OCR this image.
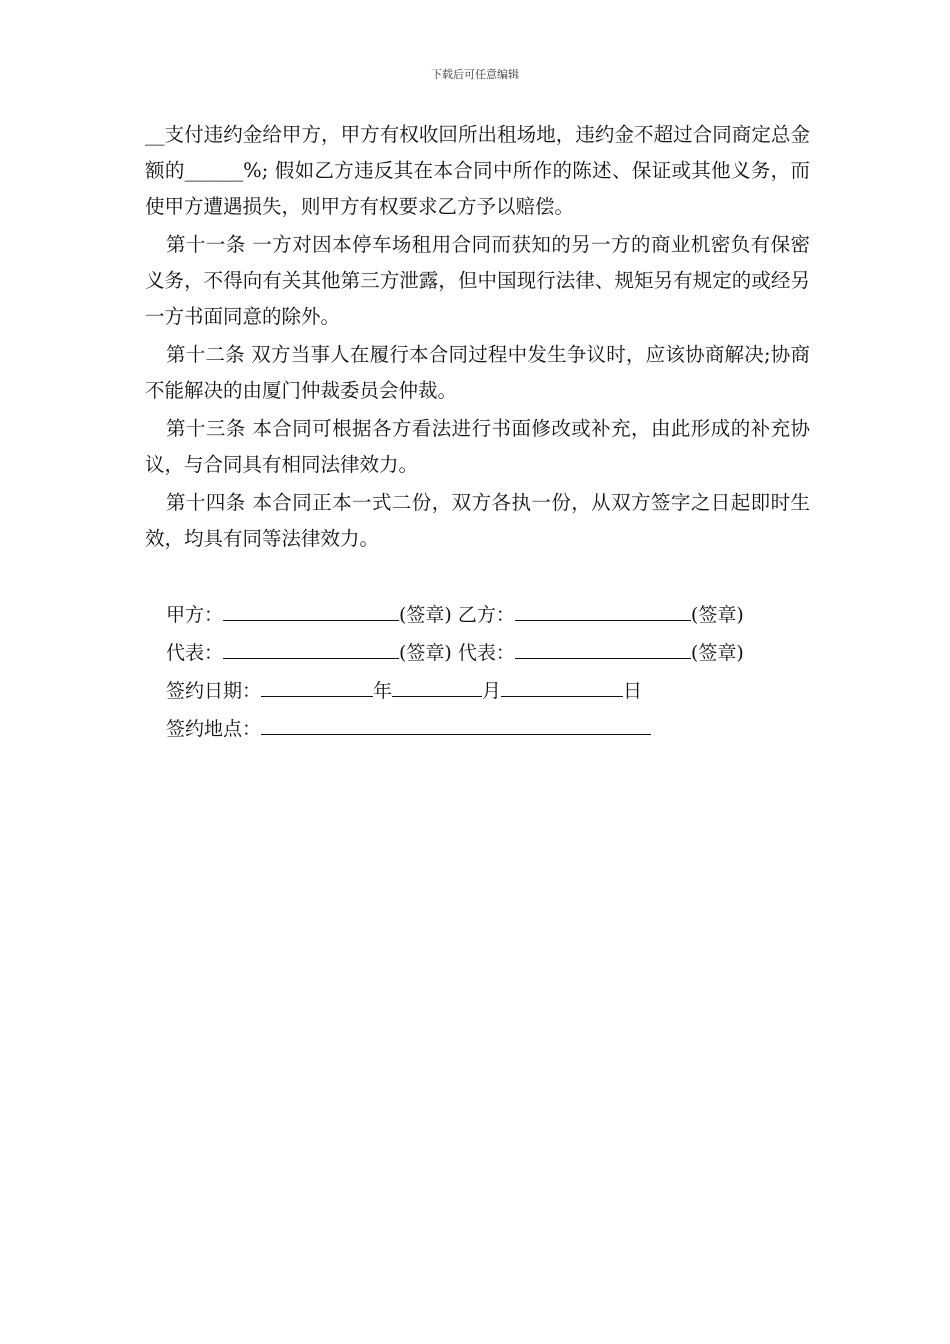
下载后可任意编辑

__支付违约金给甲方，甲方有权收回所出租场地，违约金不超过合同商定总金额的______%; 假如乙方违反其在本合同中所作的陈述、保证或其他义务，而使甲方遭遇损失，则甲方有权要求乙方予以赔偿。

第十一条 一方对因本停车场租用合同而获知的另一方的商业机密负有保密义务，不得向有关其他第三方泄露，但中国现行法律、规矩另有规定的或经另一方书面同意的除外。

第十二条 双方当事人在履行本合同过程中发生争议时，应该协商解决;协商不能解决的由厦门仲裁委员会仲裁。

第十三条 本合同可根据各方看法进行书面修改或补充，由此形成的补充协议，与合同具有相同法律效力。

第十四条 本合同正本一式二份，双方各执一份，从双方签字之日起即时生效，均具有同等法律效力。

甲方：	(签章) 乙方：	(签章)
代表：	(签章) 代表：	(签章)
签约日期：	年	月	日
签约地点：
